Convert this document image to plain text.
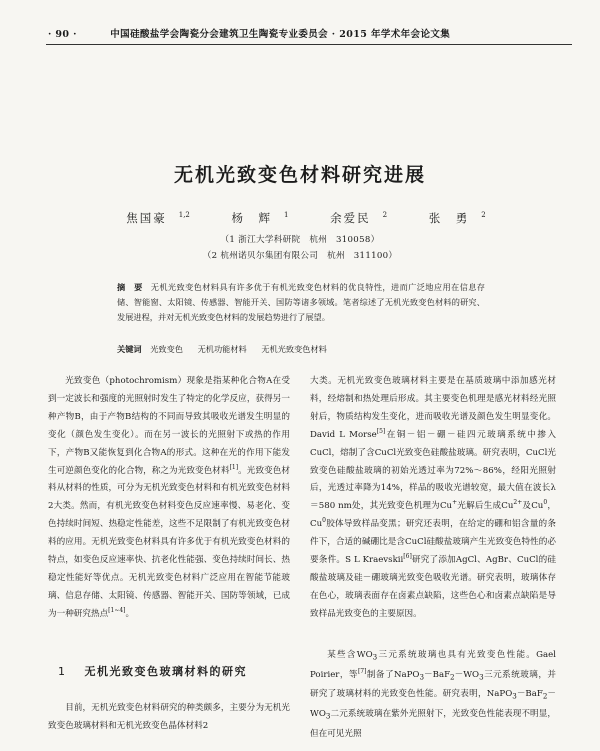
· 90 ·	中国硅酸盐学会陶瓷分会建筑卫生陶瓷专业委员会 · 2015 年学术年会论文集
无机光致变色材料研究进展
焦国豪 $^{1,2}$	杨　辉 $^1$	余爱民 $^2$	张　勇 $^2$
（1 浙江大学科研院　杭州　310058）
（2 杭州诺贝尔集团有限公司　杭州　311100）
摘　要 无机光致变色材料具有许多优于有机光致变色材料的优良特性，进而广泛地应用在信息存储、智能窗、太阳镜、传感器、智能开关、国防等诸多领域。笔者综述了无机光致变色材料的研究、发展进程，并对无机光致变色材料的发展趋势进行了展望。
关键词 光致变色 无机功能材料 无机光致变色材料

光致变色（photochromism）现象是指某种化合物A在受到一定波长和强度的光照射时发生了特定的化学反应，获得另一种产物B，由于产物B结构的不同而导致其吸收光谱发生明显的变化（颜色发生变化）。而在另一波长的光照射下或热的作用下，产物B又能恢复到化合物A的形式。这种在光的作用下能发生可逆颜色变化的化合物，称之为光致变色材料[1]。光致变色材料从材料的性质，可分为无机光致变色材料和有机光致变色材料2大类。然而，有机光致变色材料变色反应速率慢、易老化、变色持续时间短、热稳定性能差，这些不足限制了有机光致变色材料的应用。无机光致变色材料具有许多优于有机光致变色材料的特点，如变色反应速率快、抗老化性能强、变色持续时间长、热稳定性能好等优点。无机光致变色材料广泛应用在智能节能玻璃、信息存储、太阳镜、传感器、智能开关、国防等领域，已成为一种研究热点[1~4]。

1 无机光致变色玻璃材料的研究

目前，无机光致变色材料研究的种类颇多，主要分为无机光致变色玻璃材料和无机光致变色晶体材料2

大类。无机光致变色玻璃材料主要是在基质玻璃中添加感光材料，经熔制和热处理后形成。其主要变色机理是感光材料经光照射后，物质结构发生变化，进而吸收光谱及颜色发生明显变化。David L Morse[5]在铜－铝－硼－硅四元玻璃系统中掺入CuCl，熔制了含CuCl光致变色硅酸盐玻璃。研究表明，CuCl光致变色硅酸盐玻璃的初始光透过率为72%～86%，经阳光照射后，光透过率降为14%，样品的吸收光谱较宽，最大值在波长λ＝580 nm处，其光致变色机理为Cu+光解后生成$Cu^{2+}$及Cu$^0$，Cu$^0$胶体导致样品变黑；研究还表明，在给定的硼和铝含量的条件下，合适的碱硼比是含CuCl硅酸盐玻璃产生光致变色特性的必要条件。S L Kraevskii[6]研究了添加AgCl、AgBr、CuCl的硅酸盐玻璃及硅－硼玻璃光致变色吸收光谱。研究表明，玻璃体存在色心，玻璃表面存在卤素点缺陷，这些色心和卤素点缺陷是导致样品光致变色的主要原因。

某些含$WO_3$三元系统玻璃也具有光致变色性能。Gael Poirier，等[7]制备了$NaPO_3-BaF_2-WO_3$三元系统玻璃，并研究了玻璃材料的光致变色性能。研究表明，$NaPO_3-BaF_2-WO_3$二元系统玻璃在紫外光照射下，光致变色性能表现不明显，但在可见光照
